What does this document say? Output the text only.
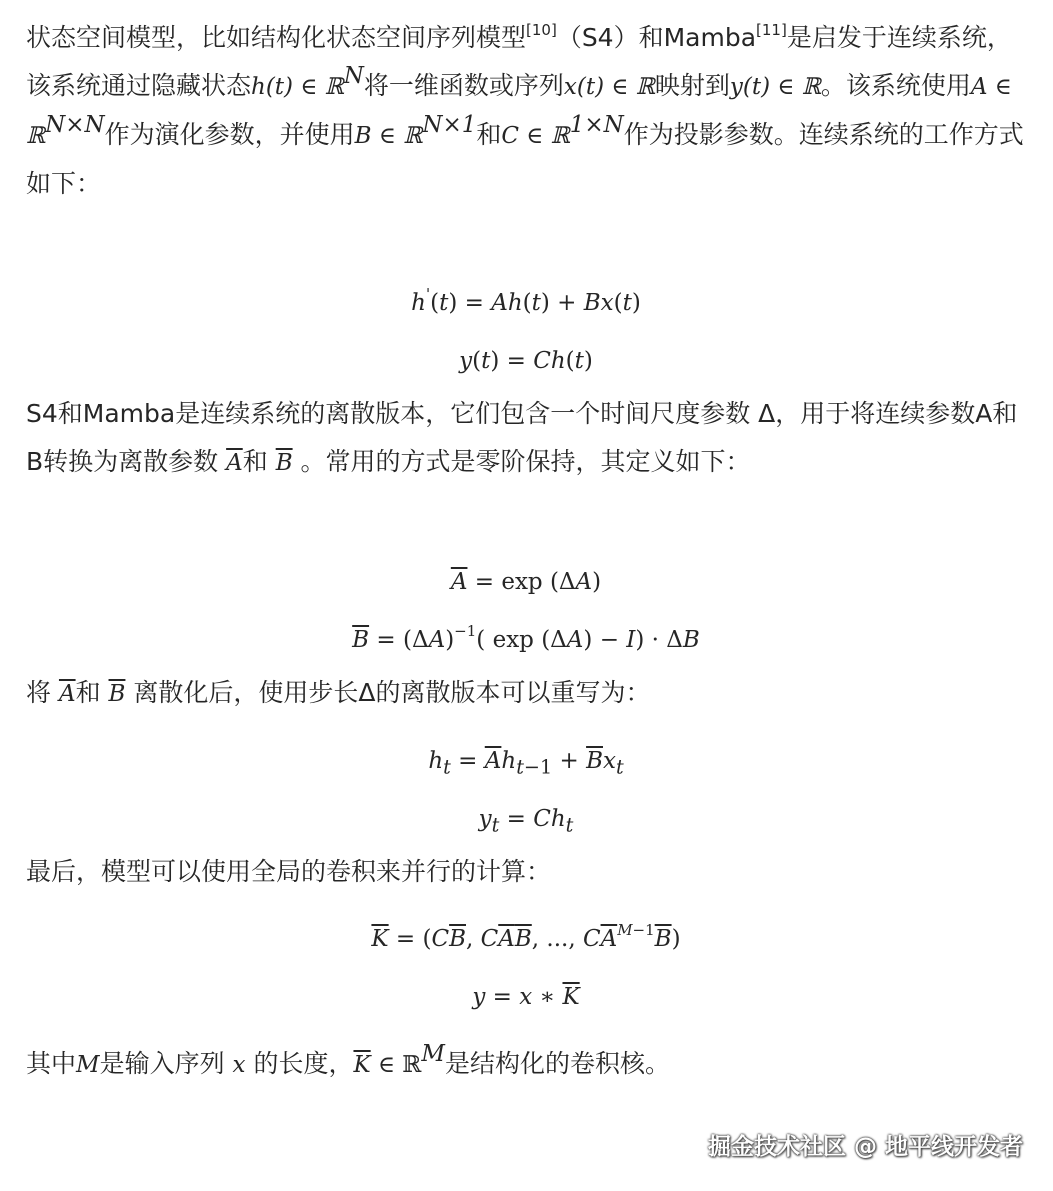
状态空间模型，比如结构化状态空间序列模型[10]（S4）和Mamba[11]是启发于连续系统，该系统通过隐藏状态h(t) ∈ ℝ$^N$将一维函数或序列x(t) ∈ ℝ映射到y(t) ∈ ℝ。该系统使用A ∈ ℝ$^{N\times N}$作为演化参数，并使用B ∈ ℝ$^{N\times 1}$和C ∈ ℝ$^{1\times N}$作为投影参数。连续系统的工作方式如下：

h'(t) = Ah(t) + Bx(t)
y(t) = Ch(t)

S4和Mamba是连续系统的离散版本，它们包含一个时间尺度参数 Δ，用于将连续参数A和B转换为离散参数 $\overline{A}$和 $\overline{B}$ 。常用的方式是零阶保持，其定义如下：

$\overline{A} = \exp (\Delta A)$
$\overline{B} = (\Delta A)^{-1}$( exp (ΔA) − I) · ΔB

将 $\overline{A}$和 $\overline{B}$ 离散化后，使用步长Δ的离散版本可以重写为：

$h_t = \overline{A}h_{t-1} + \overline{B}x_t$
$y_t = Ch_t$

最后，模型可以使用全局的卷积来并行的计算：

$\overline{K} = (C\overline{B}$, $C\overline{A}\overline{B}$, ..., $C\overline{A}^{M-1}\overline{B}$)
y = x ∗ $\overline{K}$

其中M是输入序列 x 的长度，$\overline{K}$ ∈ ℝ$^M$是结构化的卷积核。

掘金技术社区 @ 地平线开发者
